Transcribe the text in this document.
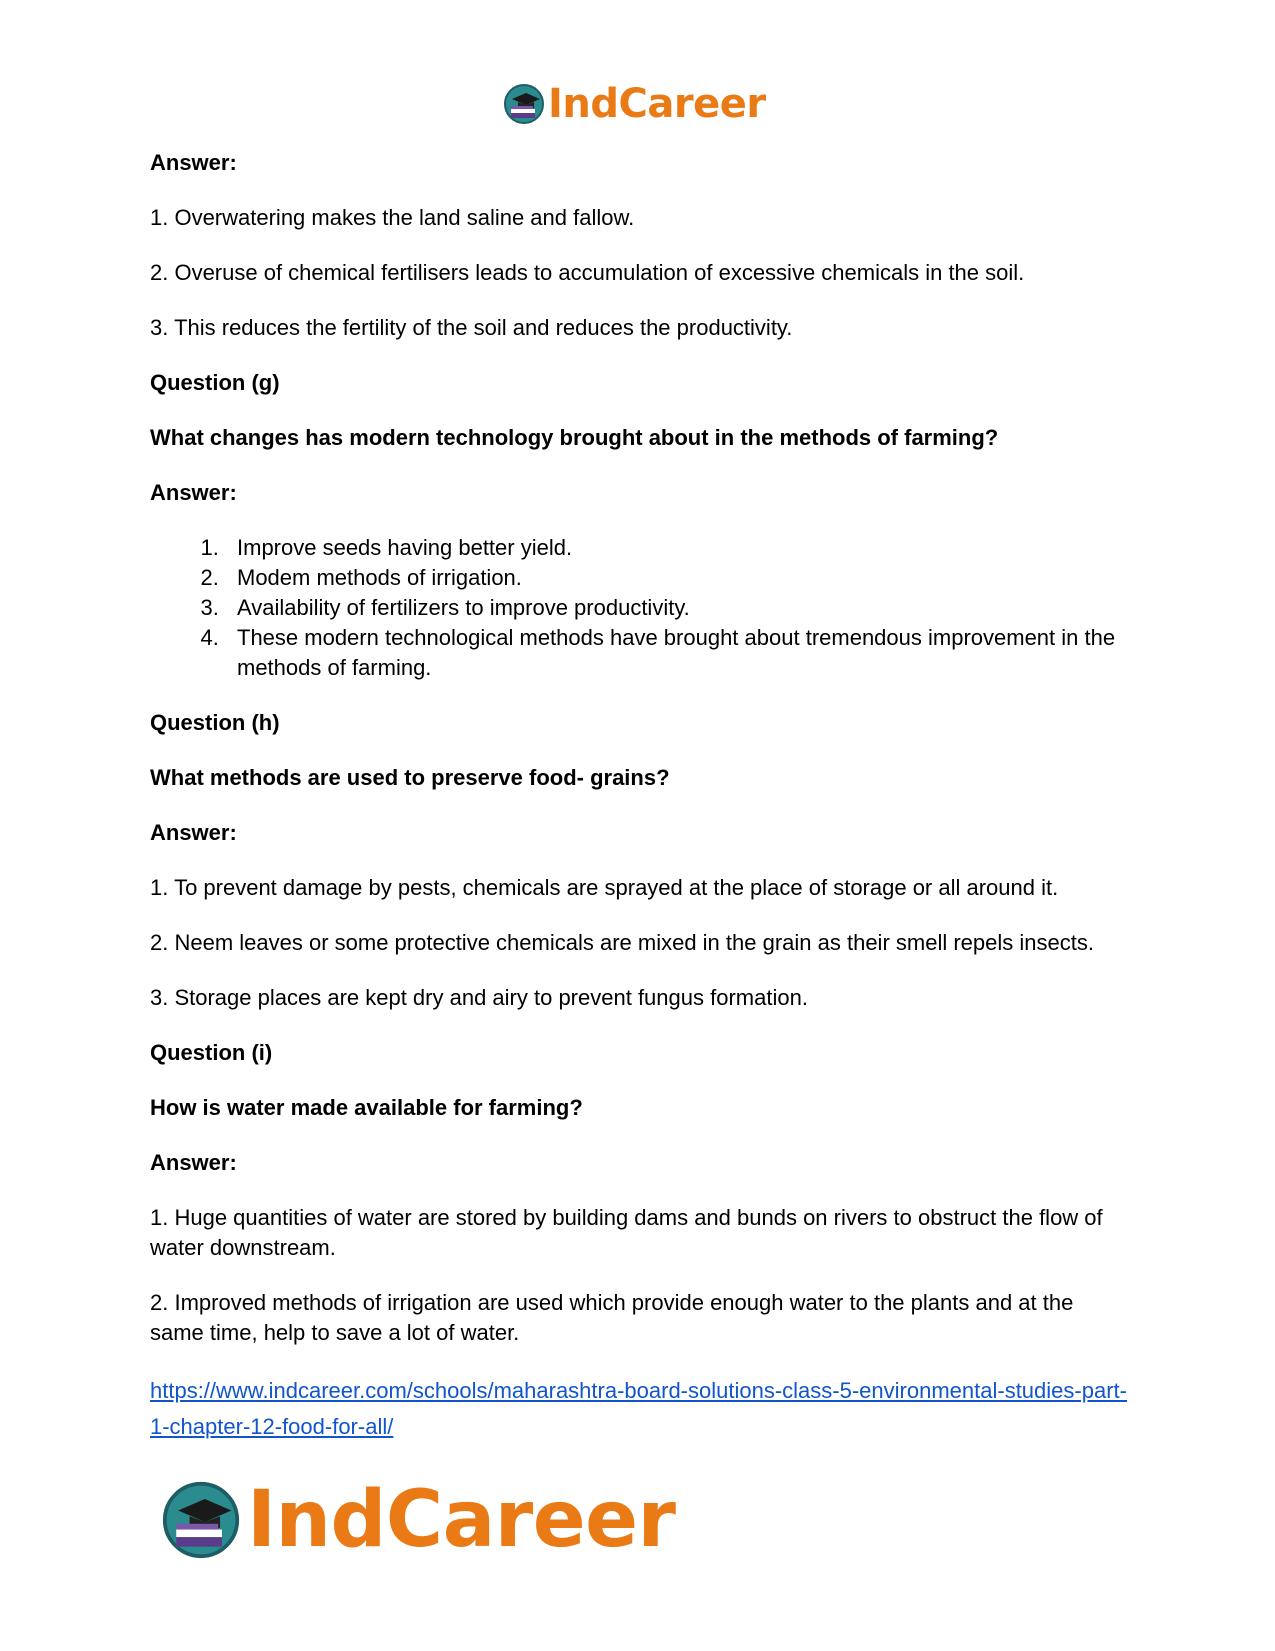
IndCareer

Answer:

1. Overwatering makes the land saline and fallow.

2. Overuse of chemical fertilisers leads to accumulation of excessive chemicals in the soil.

3. This reduces the fertility of the soil and reduces the productivity.

Question (g)

What changes has modern technology brought about in the methods of farming?

Answer:

1. Improve seeds having better yield.
2. Modem methods of irrigation.
3. Availability of fertilizers to improve productivity.
4. These modern technological methods have brought about tremendous improvement in the methods of farming.

Question (h)

What methods are used to preserve food- grains?

Answer:

1. To prevent damage by pests, chemicals are sprayed at the place of storage or all around it.

2. Neem leaves or some protective chemicals are mixed in the grain as their smell repels insects.

3. Storage places are kept dry and airy to prevent fungus formation.

Question (i)

How is water made available for farming?

Answer:

1. Huge quantities of water are stored by building dams and bunds on rivers to obstruct the flow of water downstream.

2. Improved methods of irrigation are used which provide enough water to the plants and at the same time, help to save a lot of water.

https://www.indcareer.com/schools/maharashtra-board-solutions-class-5-environmental-studies-part-1-chapter-12-food-for-all/

IndCareer
